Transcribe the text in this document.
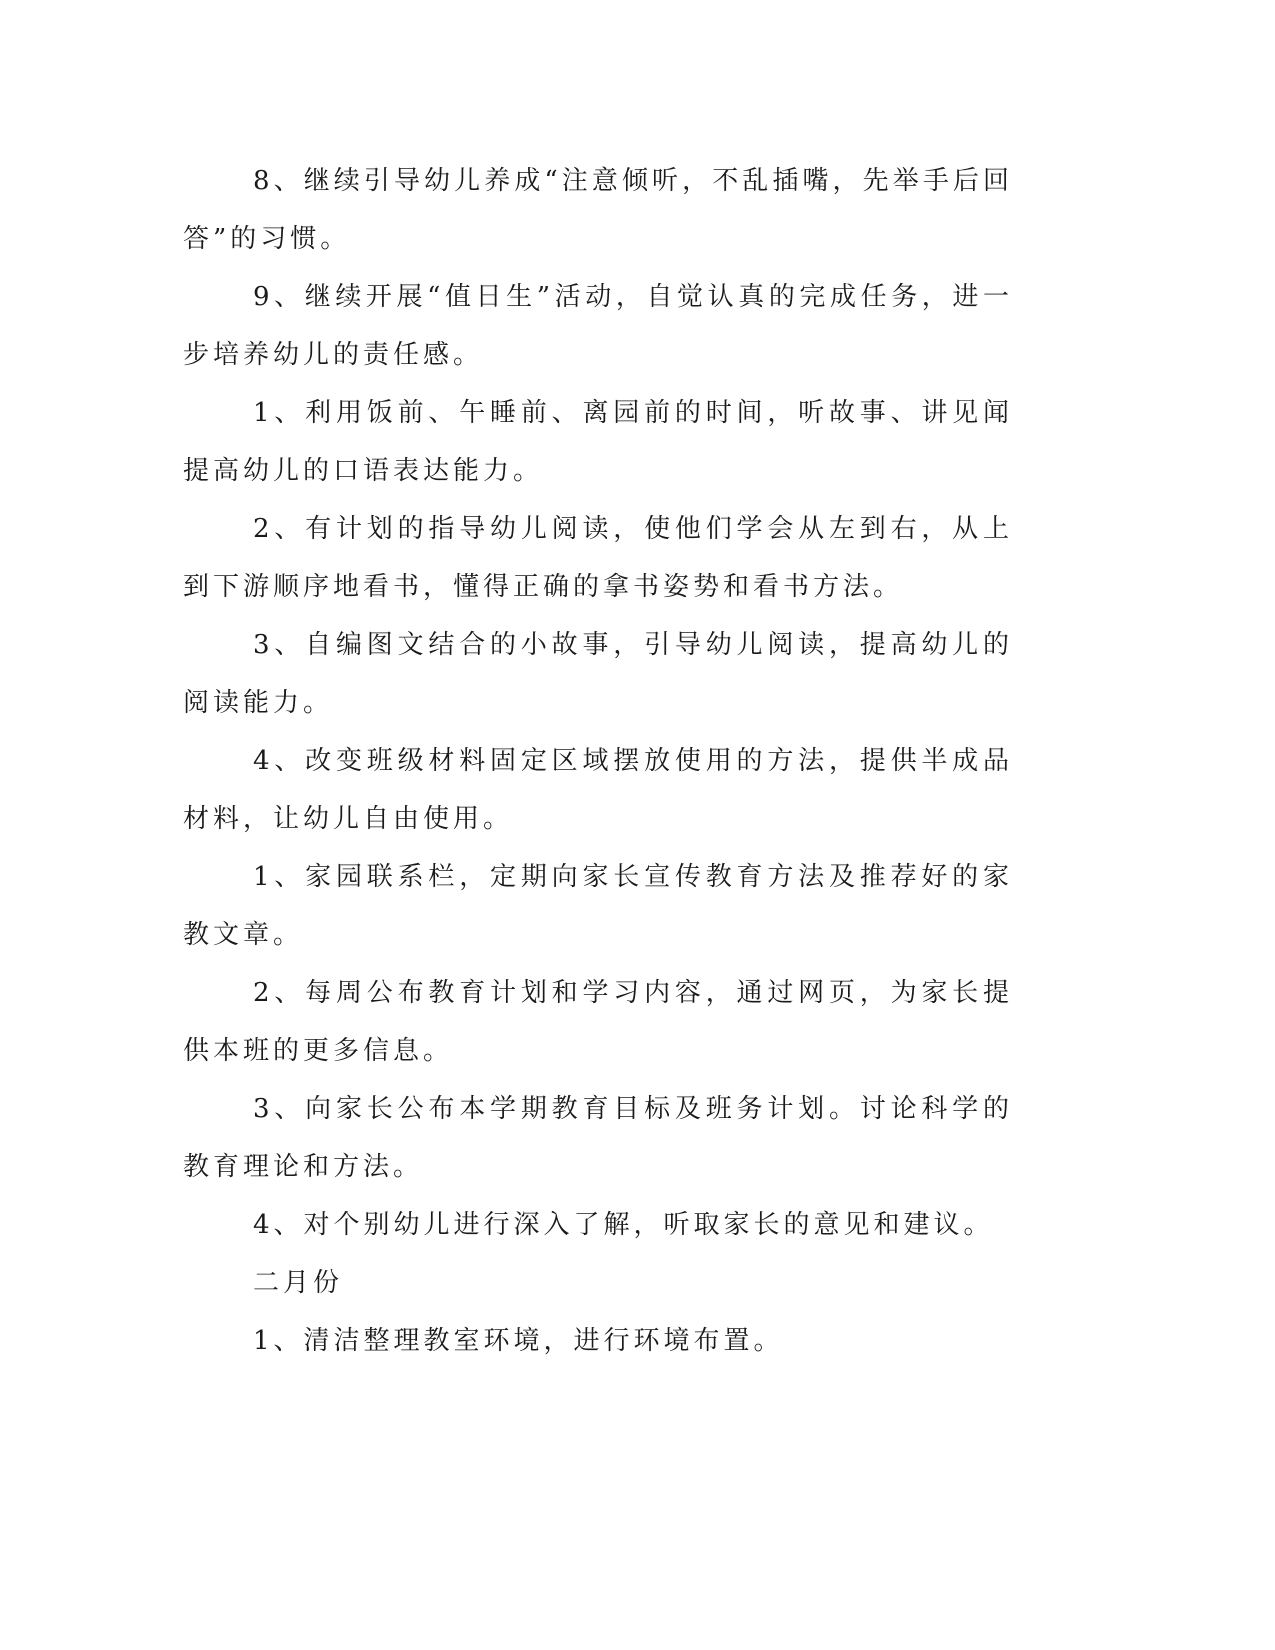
8、继续引导幼儿养成“注意倾听，不乱插嘴，先举手后回答”的习惯。

9、继续开展“值日生”活动，自觉认真的完成任务，进一步培养幼儿的责任感。

1、利用饭前、午睡前、离园前的时间，听故事、讲见闻提高幼儿的口语表达能力。

2、有计划的指导幼儿阅读，使他们学会从左到右，从上到下游顺序地看书，懂得正确的拿书姿势和看书方法。

3、自编图文结合的小故事，引导幼儿阅读，提高幼儿的阅读能力。

4、改变班级材料固定区域摆放使用的方法，提供半成品材料，让幼儿自由使用。

1、家园联系栏，定期向家长宣传教育方法及推荐好的家教文章。

2、每周公布教育计划和学习内容，通过网页，为家长提供本班的更多信息。

3、向家长公布本学期教育目标及班务计划。讨论科学的教育理论和方法。

4、对个别幼儿进行深入了解，听取家长的意见和建议。

二月份

1、清洁整理教室环境，进行环境布置。
